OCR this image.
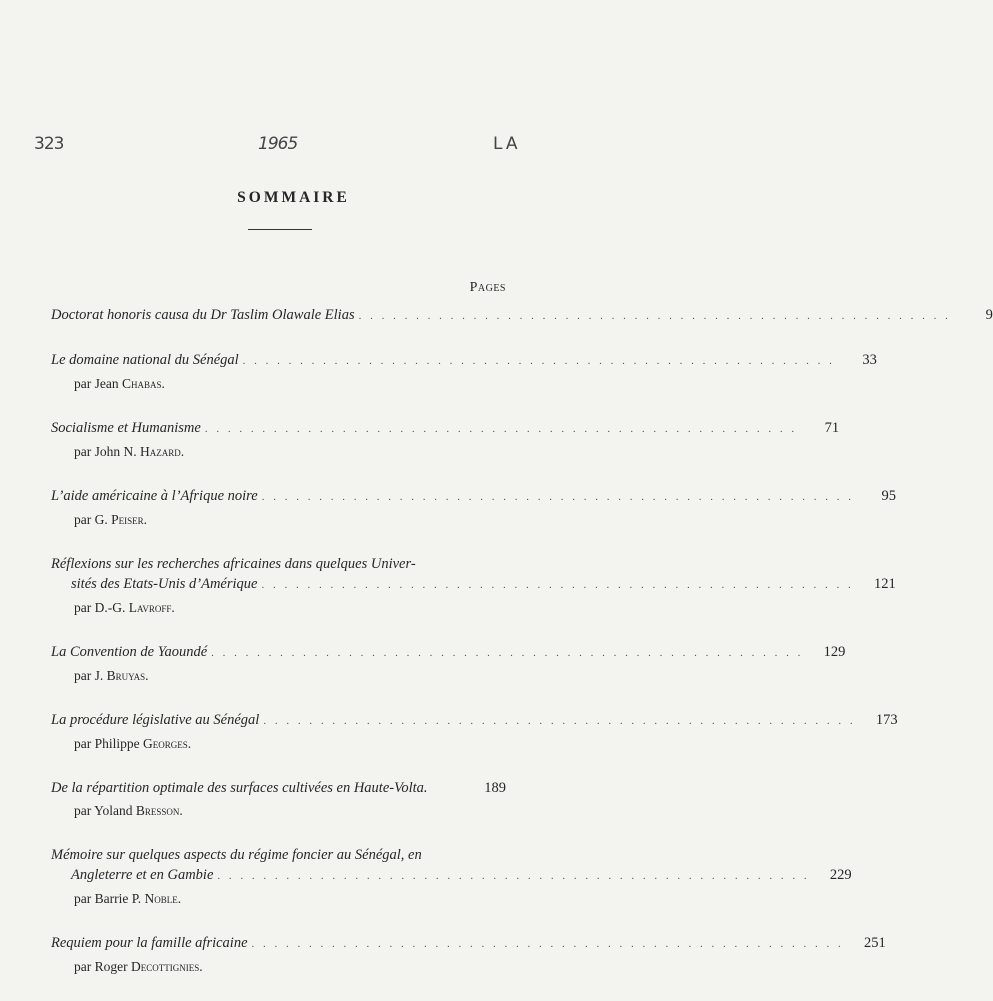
323	1965	LA
SOMMAIRE
Pages
Doctorat honoris causa du Dr Taslim Olawale Elias . . . . . . . . . . . . . . . . . . . . . . . . . . . . . . . . . . . . . . . . . . . . . . . . . . . .	9
Le domaine national du Sénégal . . . . . . . . . . . . . . . . . . . . . . . . . . . . . . . . . . . . . . . . . . . . . . . . . . . .	33
par Jean Chabas.
Socialisme et Humanisme . . . . . . . . . . . . . . . . . . . . . . . . . . . . . . . . . . . . . . . . . . . . . . . . . . . .	71
par John N. Hazard.
L’aide américaine à l’Afrique noire . . . . . . . . . . . . . . . . . . . . . . . . . . . . . . . . . . . . . . . . . . . . . . . . . . . .	95
par G. Peiser.
Réflexions sur les recherches africaines dans quelques Univer-
sités des Etats-Unis d’Amérique . . . . . . . . . . . . . . . . . . . . . . . . . . . . . . . . . . . . . . . . . . . . . . . . . . . .	121
par D.-G. Lavroff.
La Convention de Yaoundé . . . . . . . . . . . . . . . . . . . . . . . . . . . . . . . . . . . . . . . . . . . . . . . . . . . .	129
par J. Bruyas.
La procédure législative au Sénégal . . . . . . . . . . . . . . . . . . . . . . . . . . . . . . . . . . . . . . . . . . . . . . . . . . . .	173
par Philippe Georges.
De la répartition optimale des surfaces cultivées en Haute-Volta.	189
par Yoland Bresson.
Mémoire sur quelques aspects du régime foncier au Sénégal, en
Angleterre et en Gambie . . . . . . . . . . . . . . . . . . . . . . . . . . . . . . . . . . . . . . . . . . . . . . . . . . . .	229
par Barrie P. Noble.
Requiem pour la famille africaine . . . . . . . . . . . . . . . . . . . . . . . . . . . . . . . . . . . . . . . . . . . . . . . . . . . .	251
par Roger Decottignies.
